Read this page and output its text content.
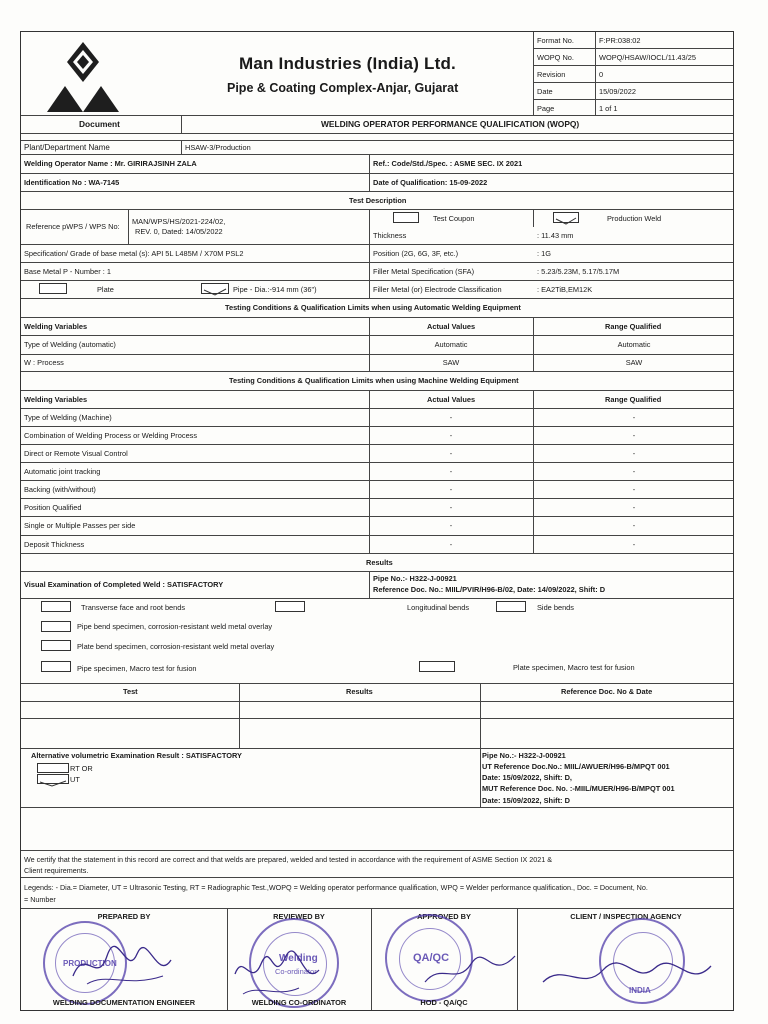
Man Industries (India) Ltd.
Pipe & Coating Complex-Anjar, Gujarat
Format No.	F:PR:038:02
WOPQ No.	WOPQ/HSAW/IOCL/11.43/25
Revision	0
Date	15/09/2022
Page	1 of 1
Document	WELDING OPERATOR PERFORMANCE QUALIFICATION (WOPQ)
Plant/Department Name	HSAW-3/Production
Welding Operator Name : Mr. GIRIRAJSINH ZALA	Ref.: Code/Std./Spec. : ASME SEC. IX 2021
Identification No : WA-7145	Date of Qualification: 15-09-2022
Test Description
Test Coupon	Production Weld
Reference pWPS / WPS No:
MAN/WPS/HS/2021-224/02,
REV. 0, Dated: 14/05/2022	Thickness	: 11.43 mm
Specification/ Grade of base metal (s): API 5L L485M / X70M PSL2	Position (2G, 6G, 3F, etc.)	: 1G
Base Metal P - Number : 1	Filler Metal Specification (SFA)	: 5.23/5.23M, 5.17/5.17M
Plate	Pipe - Dia.:-914 mm (36")	Filler Metal (or) Electrode Classification	: EA2TiB,EM12K
Testing Conditions & Qualification Limits when using Automatic Welding Equipment
Welding Variables	Actual Values	Range Qualified
Type of Welding (automatic)	Automatic	Automatic
W : Process	SAW	SAW
Testing Conditions & Qualification Limits when using Machine Welding Equipment
Welding Variables	Actual Values	Range Qualified
Type of Welding (Machine)	-	-
Combination of Welding Process or Welding Process	-	-
Direct or Remote Visual Control	-	-
Automatic joint tracking	-	-
Backing (with/without)	-	-
Position Qualified	-	-
Single or Multiple Passes per side	-	-
Deposit Thickness	-	-
Results
Visual Examination of Completed Weld : SATISFACTORY
Pipe No.:- H322-J-00921
Reference Doc. No.: MIIL/PVIR/H96-B/02, Date: 14/09/2022, Shift: D
Transverse face and root bends	Longitudinal bends	Side bends
Pipe bend specimen, corrosion-resistant weld metal overlay
Plate bend specimen, corrosion-resistant weld metal overlay
Pipe specimen, Macro test for fusion	Plate specimen, Macro test for fusion
Test	Results	Reference Doc. No & Date
Alternative volumetric Examination Result : SATISFACTORY
RT OR
UT
Pipe No.:- H322-J-00921
UT Reference Doc.No.: MIIL/AWUER/H96-B/MPQT 001
Date: 15/09/2022, Shift: D,
MUT Reference Doc. No. :-MIIL/MUER/H96-B/MPQT 001
Date: 15/09/2022, Shift: D
We certify that the statement in this record are correct and that welds are prepared, welded and tested in accordance with the requirement of ASME Section IX 2021 &
Client requirements.
Legends: - Dia.= Diameter, UT = Ultrasonic Testing, RT = Radiographic Test.,WOPQ = Welding operator performance qualification, WPQ = Welder performance qualification., Doc. = Document, No.
= Number
PREPARED BY	REVIEWED BY	APPROVED BY	CLIENT / INSPECTION AGENCY
PRODUCTION	Welding
Co-ordinator
QA/QC
INDIA
WELDING DOCUMENTATION ENGINEER	WELDING CO-ORDINATOR	HOD - QA/QC
